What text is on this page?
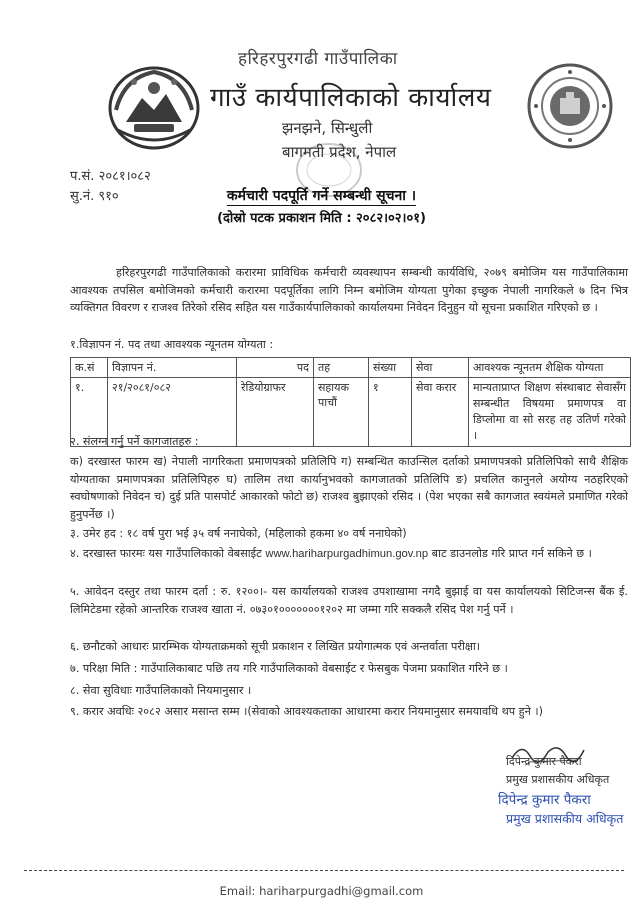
हरिहरपुरगढी गाउँपालिका
गाउँ कार्यपालिकाको कार्यालय
झनझने, सिन्धुली
बागमती प्रदेश, नेपाल
प.सं. २०८१।०८२
सु.नं. ९१०	कर्मचारी पदपूर्ति गर्ने सम्बन्धी सूचना ।
(दोस्रो पटक प्रकाशन मिति : २०८२।०२।०१)
हरिहरपुरगढी गाउँपालिकाको करारमा प्राविधिक कर्मचारी व्यवस्थापन सम्बन्धी कार्यविधि, २०७९ बमोजिम यस गाउँपालिकामा आवश्यक तपसिल बमोजिमको कर्मचारी करारमा पदपूर्तिका लागि निम्न बमोजिम योग्यता पुगेका इच्छुक नेपाली नागरिकले ७ दिन भित्र व्यक्तिगत विवरण र राजश्व तिरेको रसिद सहित यस गाउँकार्यपालिकाको कार्यालयमा निवेदन दिनुहुन यो सूचना प्रकाशित गरिएको छ ।
१.विज्ञापन नं. पद तथा आवश्यक न्यूनतम योग्यता :
क.सं	विज्ञापन नं.	पद	तह	संख्या	सेवा	आवश्यक न्यूनतम शैक्षिक योग्यता
१.	२१/२०८१/०८२	रेडियोग्राफर	सहायक पाचौं	१	सेवा करार	मान्यताप्राप्त शिक्षण संस्थाबाट सेवासँग सम्बन्धीत विषयमा प्रमाणपत्र वा डिप्लोमा वा सो सरह तह उतिर्ण गरेको ।
२. संलग्न गर्नु पर्ने कागजातहरु :
क) दरखास्त फारम ख) नेपाली नागरिकता प्रमाणपत्रको प्रतिलिपि ग) सम्बन्धित काउन्सिल दर्ताको प्रमाणपत्रको प्रतिलिपिको साथै शैक्षिक योग्यताका प्रमाणपत्रका प्रतिलिपिहरु घ) तालिम तथा कार्यानुभवको कागजातको प्रतिलिपि ङ) प्रचलित कानुनले अयोग्य नठहरिएको स्वघोषणाको निवेदन च) दुई प्रति पासपोर्ट आकारको फोटो छ) राजश्व बुझाएको रसिद । (पेश भएका सबै कागजात स्वयंमले प्रमाणित गरेको हुनुपर्नेछ ।)
३. उमेर हद : १८ वर्ष पुरा भई ३५ वर्ष ननाघेको, (महिलाको हकमा ४० वर्ष ननाघेको)
४. दरखास्त फारमः यस गाउँपालिकाको वेबसाईट www.hariharpurgadhimun.gov.np बाट डाउनलोड गरि प्राप्त गर्न सकिने छ ।
५. आवेदन दस्तुर तथा फारम दर्ता : रु. १२००।- यस कार्यालयको राजश्व उपशाखामा नगदै बुझाई वा यस कार्यालयको सिटिजन्स बैंक ई. लिमिटेडमा रहेको आन्तरिक राजश्व खाता नं. ०७३०१०००००००१२०२ मा जम्मा गरि सक्कलै रसिद पेश गर्नु पर्ने ।
६. छनौटको आधारः प्रारम्भिक योग्यताक्रमको सूची प्रकाशन र लिखित प्रयोगात्मक एवं अन्तर्वाता परीक्षा।
७. परिक्षा मिति : गाउँपालिकाबाट पछि तय गरि गाउँपालिकाको वेबसाईट र फेसबुक पेजमा प्रकाशित गरिने छ ।
८. सेवा सुविधाः गाउँपालिकाको नियमानुसार ।
९. करार अवधिः २०८२ असार मसान्त सम्म ।(सेवाको आवश्यकताका आधारमा करार नियमानुसार समयावधि थप हुने ।)
दिपेन्द्र कुमार पैकरा
प्रमुख प्रशासकीय अधिकृत
दिपेन्द्र कुमार पैकरा
प्रमुख प्रशासकीय अधिकृत
Email: hariharpurgadhi@gmail.com
